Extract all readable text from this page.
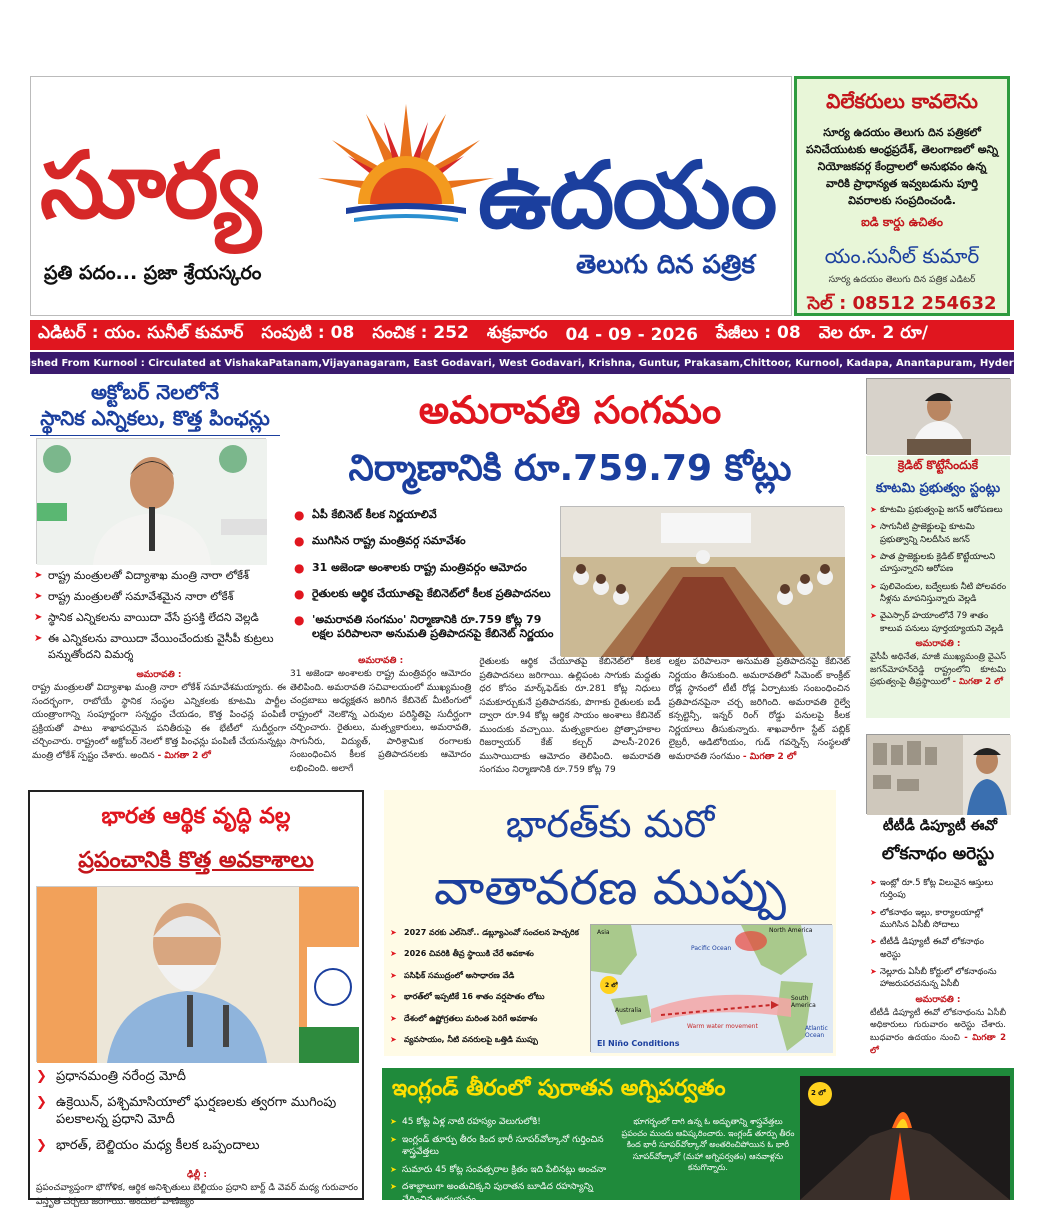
సూర్య ఉదయం
ప్రతి పదం... ప్రజా శ్రేయస్కరం	తెలుగు దిన పత్రిక
విలేకరులు కావలెను
సూర్య ఉదయం తెలుగు దిన పత్రికలో పనిచేయుటకు ఆంధ్రప్రదేశ్, తెలంగాణలో అన్ని నియోజకవర్గ కేంద్రాలలో అనుభవం ఉన్న వారికి ప్రాధాన్యత ఇవ్వబడును పూర్తి వివరాలకు సంప్రదించండి.
ఐడి కార్డు ఉచితం
యం.సునీల్ కుమార్
సూర్య ఉదయం తెలుగు దిన పత్రిక ఎడిటర్
సెల్ : 08512 254632
ఎడిటర్ : యం. సునీల్ కుమార్ సంపుటి : 08 సంచిక : 252 శుక్రవారం 04 - 09 - 2026 పేజీలు : 08 వెల రూ. 2 రూ/
Published From Kurnool : Circulated at VishakaPatanam,Vijayanagaram, East Godavari, West Godavari, Krishna, Guntur, Prakasam,Chittoor, Kurnool, Kadapa, Anantapuram, Hyderabad
అక్టోబర్ నెలలోనే
స్థానిక ఎన్నికలు, కొత్త పింఛన్లు
➤ రాష్ట్ర మంత్రులతో విద్యాశాఖ మంత్రి నారా లోకేశ్
➤ రాష్ట్ర మంత్రులతో సమావేశమైన నారా లోకేశ్
➤ స్థానిక ఎన్నికలను వాయిదా వేసే ప్రసక్తి లేదని వెల్లడి
➤ ఈ ఎన్నికలను వాయిదా వేయించేందుకు వైసీపీ కుట్రలు పన్నుతోందని విమర్శ
అమరావతి :

రాష్ట్ర మంత్రులతో విద్యాశాఖ మంత్రి నారా లోకేశ్ సమావేశమయ్యారు. ఈ సందర్భంగా, రాబోయే స్థానిక సంస్థల ఎన్నికలకు కూటమి పార్టీల యంత్రాంగాన్ని సంపూర్ణంగా సన్నద్ధం చేయడం, కొత్త పింఛన్ల పంపిణీ ప్రక్రియతో పాటు శాఖాపరమైన పనితీరుపై ఈ భేటీలో సుదీర్ఘంగా చర్చించారు. రాష్ట్రంలో అక్టోబర్ నెలలో కొత్త పింఛన్లు పంపిణీ చేయనున్నట్లు మంత్రి లోకేశ్ స్పష్టం చేశారు. అందిన - మిగతా 2 లో

అమరావతి సంగమం
నిర్మాణానికి రూ.759.79 కోట్లు
● ఏపీ కేబినెట్ కీలక నిర్ణయాలివే
● ముగిసిన రాష్ట్ర మంత్రివర్గ సమావేశం
● 31 అజెండా అంశాలకు రాష్ట్ర మంత్రివర్గం ఆమోదం
● రైతులకు ఆర్థిక చేయూతపై కేబినెట్‌లో కీలక ప్రతిపాదనలు
● 'అమరావతి సంగమం' నిర్మాణానికి రూ.759 కోట్ల 79 లక్షల పరిపాలనా అనుమతి ప్రతిపాదనపై కేబినెట్ నిర్ణయం
అమరావతి :

31 అజెండా అంశాలకు రాష్ట్ర మంత్రివర్గం ఆమోదం తెలిపింది. అమరావతి సచివాలయంలో ముఖ్యమంత్రి చంద్రబాబు అధ్యక్షతన జరిగిన కేబినెట్ మీటింగులో రాష్ట్రంలో నెలకొన్న ఎరువుల పరిస్థితిపై సుదీర్ఘంగా చర్చించారు. రైతులు, మత్స్యకారులు, అమరావతి, సాగునీరు, విద్యుత్, పారిశ్రామిక రంగాలకు సంబంధించిన కీలక ప్రతిపాదనలకు ఆమోదం లభించింది. అలాగే

రైతులకు ఆర్థిక చేయూతపై కేబినెట్‌లో కీలక ప్రతిపాదనలు జరిగాయి. ఉల్లిపంట సాగుకు మద్దతు ధర కోసం మార్క్‌ఫెడ్‌కు రూ.281 కోట్ల నిధులు సమకూర్చుకునే ప్రతిపాదనకు, పొగాకు రైతులకు ఐడీ ద్వారా రూ.94 కోట్ల ఆర్థిక సాయం అంశాలు కేబినెట్ ముందుకు వచ్చాయి. మత్స్యకారుల ప్రోత్సాహకాల రిజర్వాయర్ కేజ్ కల్చర్ పాలసీ-2026 ముసాయిదాకు ఆమోదం తెలిపింది. అమరావతి సంగమం నిర్మాణానికి రూ.759 కోట్ల 79

లక్షల పరిపాలనా అనుమతి ప్రతిపాదనపై కేబినెట్ నిర్ణయం తీసుకుంది. అమరావతిలో సిమెంట్ కాంక్రీట్ రోడ్ల స్థానంలో టీటీ రోడ్ల ఏర్పాటుకు సంబంధించిన ప్రతిపాదనపైనా చర్చ జరిగింది. అమరావతి రైల్వే కన్సల్టెన్సీ, ఇన్నర్ రింగ్ రోడ్డు పనులపై కీలక నిర్ణయాలు తీసుకున్నారు. శాఖవారీగా స్టేట్ పబ్లిక్ లైబ్రరీ, ఆడిటోరియం, గుడ్ గవర్నెన్స్ సంస్థలతో అమరావతి సంగమం - మిగతా 2 లో

క్రెడిట్ కొట్టేసేందుకే
కూటమి ప్రభుత్వం స్టంట్లు
➤ కూటమి ప్రభుత్వంపై జగన్ ఆరోపణలు
➤ సాగునీటి ప్రాజెక్టులపై కూటమి ప్రభుత్వాన్ని నిలదీసిన జగన్
➤ పాత ప్రాజెక్టులకు క్రెడిట్ కొట్టేయాలని చూస్తున్నారని ఆరోపణ
➤ పులివెందుల, బద్వేలుకు నీటి పోలవరం నీళ్లను మాపనిస్తున్నారు వెల్లడి
➤ వైఎస్సార్ హయాంలోనే 79 శాతం కాలువ పనులు పూర్తయ్యాయని వెల్లడి
అమరావతి :

వైసీపీ అధినేత, మాజీ ముఖ్యమంత్రి వైఎస్ జగన్‌మోహన్‌రెడ్డి రాష్ట్రంలోని కూటమి ప్రభుత్వంపై తీవ్రస్థాయిలో - మిగతా 2 లో

టీటీడీ డిప్యూటీ ఈవో
లోకనాథం అరెస్టు
➤ ఇంట్లో రూ.5 కోట్ల విలువైన ఆస్తులు గుర్తింపు
➤ లోకనాథం ఇల్లు, కార్యాలయాల్లో ముగిసిన ఏసీబీ సోదాలు
➤ టీటీడీ డిప్యూటీ ఈవో లోకనాథం అరెస్టు
➤ నెల్లూరు ఏసీబీ కోర్టులో లోకనాథంను హాజరుపరచనున్న ఏసీబీ
అమరావతి :

టీటీడీ డిప్యూటీ ఈవో లోకనాథంను ఏసీబీ అధికారులు గురువారం అరెస్టు చేశారు. బుధవారం ఉదయం నుంచి - మిగతా 2 లో

భారత ఆర్థిక వృద్ధి వల్ల
ప్రపంచానికి కొత్త అవకాశాలు
❯ ప్రధానమంత్రి నరేంద్ర మోదీ
❯ ఉక్రెయిన్, పశ్చిమాసియాలో ఘర్షణలకు త్వరగా ముగింపు పలకాలన్న ప్రధాని మోదీ
❯ భారత్, బెల్జియం మధ్య కీలక ఒప్పందాలు
ఢిల్లీ :

ప్రపంచవ్యాప్తంగా భౌగోళిక, ఆర్థిక అనిశ్చితులు బెల్జియం ప్రధాని బార్ట్ డి వెవర్ మధ్య గురువారం విస్తృత చర్చలు జరిగాయి. అందులో వాణిజ్యం

భారత్‌కు మరో
వాతావరణ ముప్పు
➤ 2027 వరకు ఎల్‌నినో.. డబ్ల్యూఎంవో సంచలన హెచ్చరిక
➤ 2026 చివరికి తీవ్ర స్థాయికి చేరే అవకాశం
➤ పసిఫిక్ సముద్రంలో అసాధారణ వేడి
➤ భారత్‌లో ఇప్పటికే 16 శాతం వర్షపాతం లోటు
➤ దేశంలో ఉష్ణోగ్రతలు మరింత పెరిగే అవకాశం
➤ వ్యవసాయం, నీటి వనరులపై ఒత్తిడి ముప్పు
2 లో
Asia
Pacific Ocean
North America
Australia
Warm water movement
South America
Atlantic Ocean
El Niño Conditions
ఇంగ్లండ్ తీరంలో పురాతన అగ్నిపర్వతం
➤ 45 కోట్ల ఏళ్ల నాటి రహస్యం వెలుగులోకి!
➤ ఇంగ్లండ్ తూర్పు తీరం కింద భారీ సూపర్‌వోల్కానో గుర్తించిన శాస్త్రవేత్తలు
➤ సుమారు 45 కోట్ల సంవత్సరాల క్రితం ఇది పేలినట్లు అంచనా
➤ దశాబ్దాలుగా అంతుచిక్కని పురాతన బూడిద రహస్యాన్ని చేధించిన అధ్యయనం
భూగర్భంలో దాగి ఉన్న ఓ అద్భుతాన్ని శాస్త్రవేత్తలు ప్రపంచం ముందు ఆవిష్కరించారు. ఇంగ్లండ్ తూర్పు తీరం కింద భారీ సూపర్‌వోల్కానో అంతరించిపోయిన ఓ భారీ సూపర్‌వోల్కానో (మహా అగ్నిపర్వతం) ఆనవాళ్లను కనుగొన్నారు.
2 లో
